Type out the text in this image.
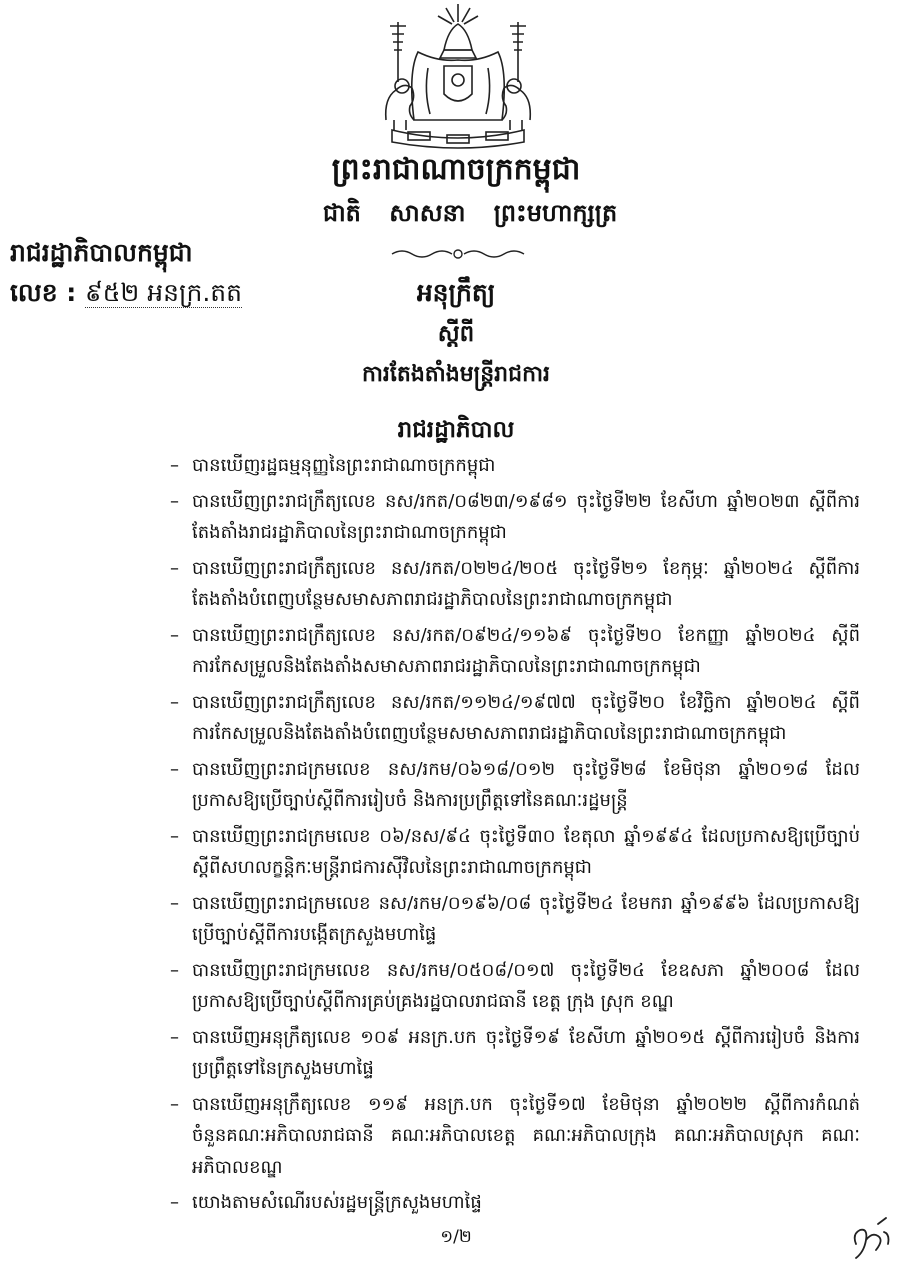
ព្រះរាជាណាចក្រកម្ពុជា
ជាតិ សាសនា ព្រះមហាក្សត្រ
រាជរដ្ឋាភិបាលកម្ពុជា
លេខ : ៩៥២ អនក្រ.តត	អនុក្រឹត្យ
ស្តីពី
ការតែងតាំងមន្ត្រីរាជការ
រាជរដ្ឋាភិបាល
– បានឃើញរដ្ឋធម្មនុញ្ញនៃព្រះរាជាណាចក្រកម្ពុជា
– បានឃើញព្រះរាជក្រឹត្យលេខ នស/រកត/០៨២៣/១៩៨១ ចុះថ្ងៃទី២២ ខែសីហា ឆ្នាំ២០២៣ ស្តីពីការតែងតាំងរាជរដ្ឋាភិបាលនៃព្រះរាជាណាចក្រកម្ពុជា
– បានឃើញព្រះរាជក្រឹត្យលេខ នស/រកត/០២២៤/២០៥ ចុះថ្ងៃទី២១ ខែកុម្ភៈ ឆ្នាំ២០២៤ ស្តីពីការតែងតាំងបំពេញបន្ថែមសមាសភាពរាជរដ្ឋាភិបាលនៃព្រះរាជាណាចក្រកម្ពុជា
– បានឃើញព្រះរាជក្រឹត្យលេខ នស/រកត/០៩២៤/១១៦៩ ចុះថ្ងៃទី២០ ខែកញ្ញា ឆ្នាំ២០២៤ ស្តីពីការកែសម្រួលនិងតែងតាំងសមាសភាពរាជរដ្ឋាភិបាលនៃព្រះរាជាណាចក្រកម្ពុជា
– បានឃើញព្រះរាជក្រឹត្យលេខ នស/រកត/១១២៤/១៩៧៧ ចុះថ្ងៃទី២០ ខែវិច្ឆិកា ឆ្នាំ២០២៤ ស្តីពីការកែសម្រួលនិងតែងតាំងបំពេញបន្ថែមសមាសភាពរាជរដ្ឋាភិបាលនៃព្រះរាជាណាចក្រកម្ពុជា
– បានឃើញព្រះរាជក្រមលេខ នស/រកម/០៦១៨/០១២ ចុះថ្ងៃទី២៨ ខែមិថុនា ឆ្នាំ២០១៨ ដែលប្រកាសឱ្យប្រើច្បាប់ស្តីពីការរៀបចំ និងការប្រព្រឹត្តទៅនៃគណៈរដ្ឋមន្ត្រី
– បានឃើញព្រះរាជក្រមលេខ ០៦/នស/៩៤ ចុះថ្ងៃទី៣០ ខែតុលា ឆ្នាំ១៩៩៤ ដែលប្រកាសឱ្យប្រើច្បាប់ស្តីពីសហលក្ខន្តិកៈមន្ត្រីរាជការស៊ីវិលនៃព្រះរាជាណាចក្រកម្ពុជា
– បានឃើញព្រះរាជក្រមលេខ នស/រកម/០១៩៦/០៨ ចុះថ្ងៃទី២៤ ខែមករា ឆ្នាំ១៩៩៦ ដែលប្រកាសឱ្យប្រើច្បាប់ស្តីពីការបង្កើតក្រសួងមហាផ្ទៃ
– បានឃើញព្រះរាជក្រមលេខ នស/រកម/០៥០៨/០១៧ ចុះថ្ងៃទី២៤ ខែឧសភា ឆ្នាំ២០០៨ ដែលប្រកាសឱ្យប្រើច្បាប់ស្តីពីការគ្រប់គ្រងរដ្ឋបាលរាជធានី ខេត្ត ក្រុង ស្រុក ខណ្ឌ
– បានឃើញអនុក្រឹត្យលេខ ១០៩ អនក្រ.បក ចុះថ្ងៃទី១៩ ខែសីហា ឆ្នាំ២០១៥ ស្តីពីការរៀបចំ និងការប្រព្រឹត្តទៅនៃក្រសួងមហាផ្ទៃ
– បានឃើញអនុក្រឹត្យលេខ ១១៩ អនក្រ.បក ចុះថ្ងៃទី១៧ ខែមិថុនា ឆ្នាំ២០២២ ស្តីពីការកំណត់ចំនួនគណៈអភិបាលរាជធានី គណៈអភិបាលខេត្ត គណៈអភិបាលក្រុង គណៈអភិបាលស្រុក គណៈអភិបាលខណ្ឌ
– យោងតាមសំណើរបស់រដ្ឋមន្ត្រីក្រសួងមហាផ្ទៃ
១/២
